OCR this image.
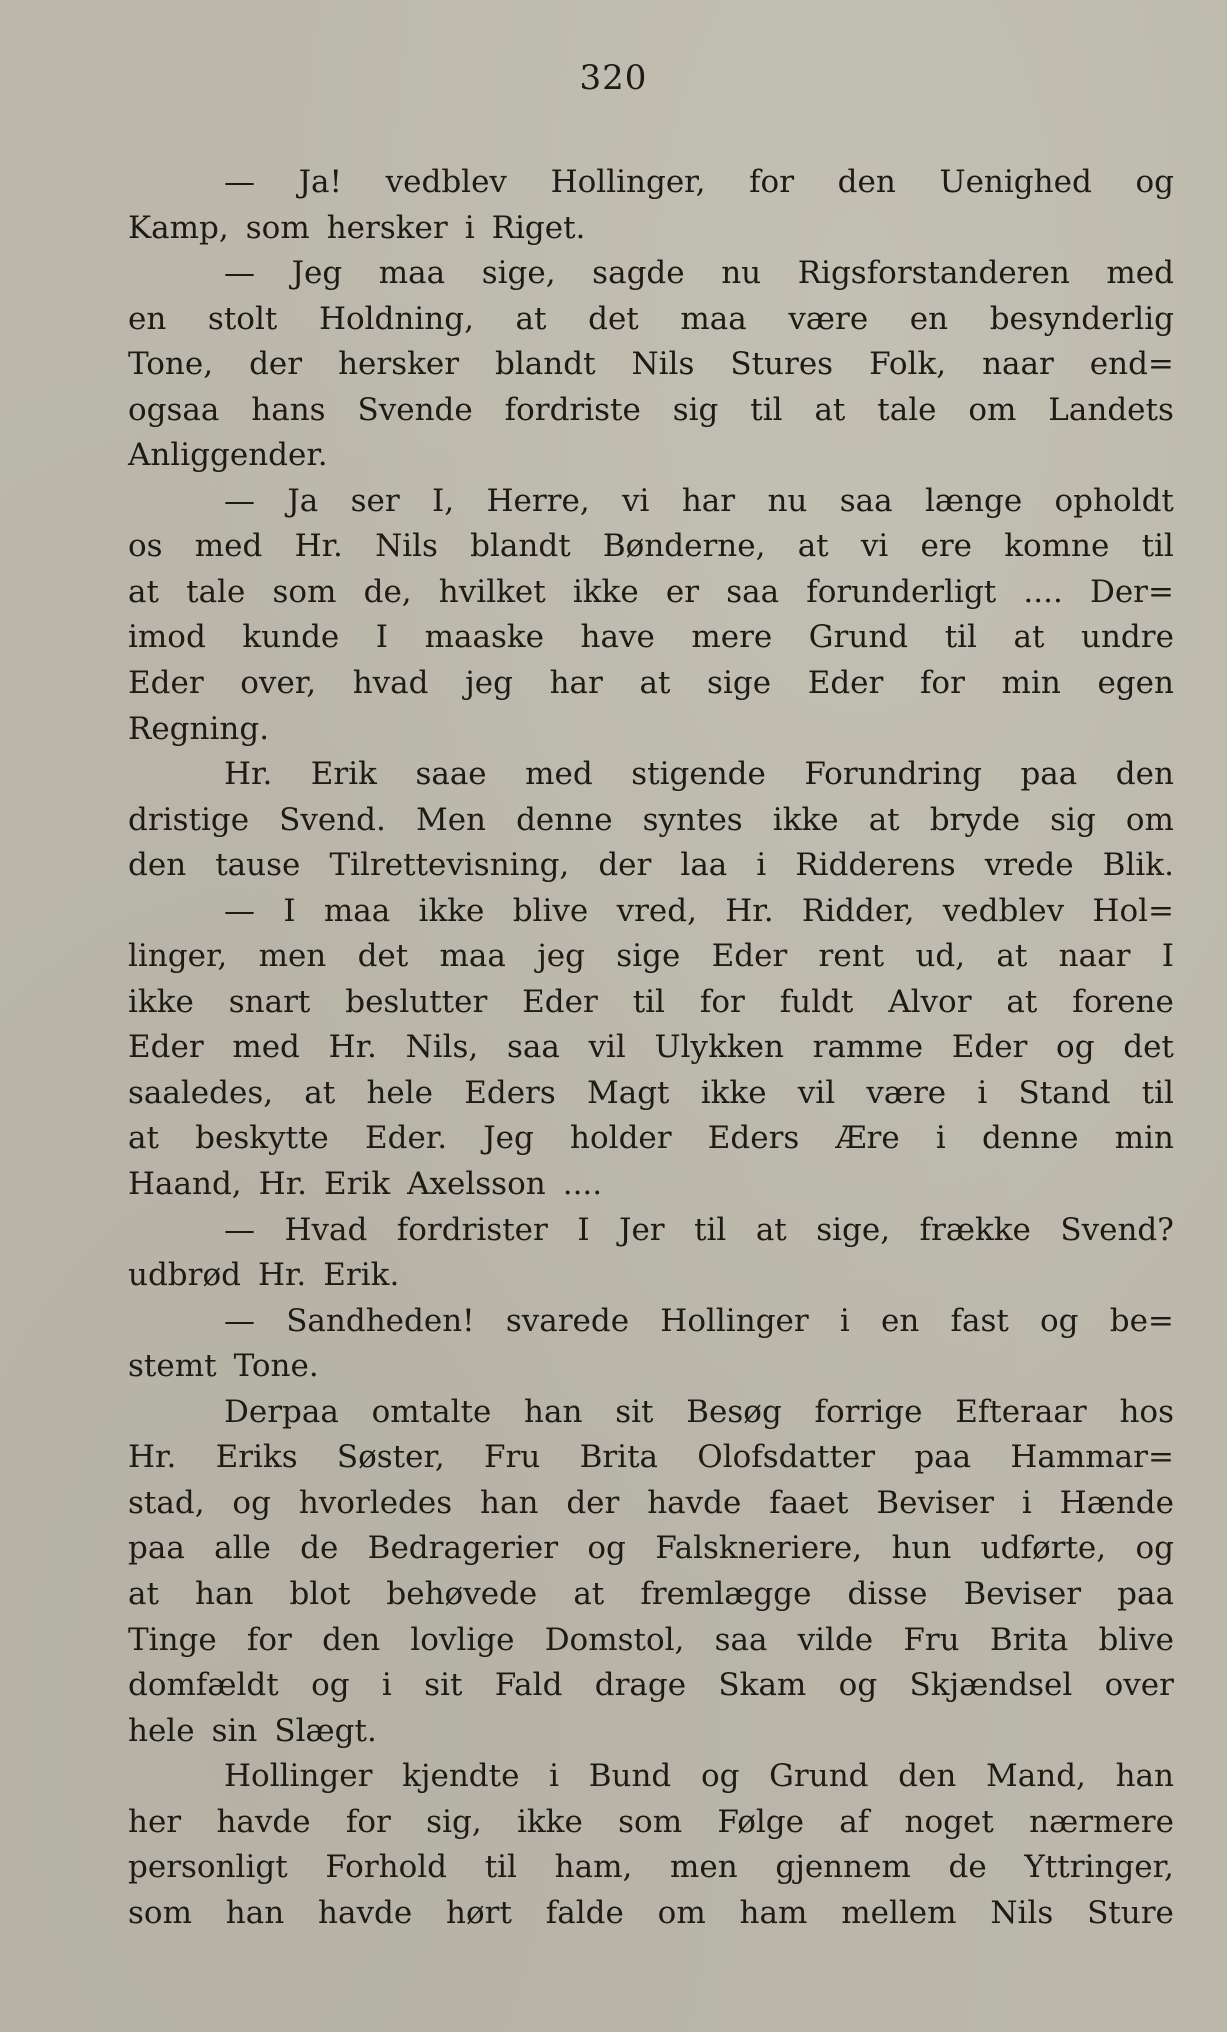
320
— Ja! vedblev Hollinger, for den Uenighed og
Kamp, som hersker i Riget.
— Jeg maa sige, sagde nu Rigsforstanderen med
en stolt Holdning, at det maa være en besynderlig
Tone, der hersker blandt Nils Stures Folk, naar end=
ogsaa hans Svende fordriste sig til at tale om Landets
Anliggender.
— Ja ser I, Herre, vi har nu saa længe opholdt
os med Hr. Nils blandt Bønderne, at vi ere komne til
at tale som de, hvilket ikke er saa forunderligt .... Der=
imod kunde I maaske have mere Grund til at undre
Eder over, hvad jeg har at sige Eder for min egen
Regning.
Hr. Erik saae med stigende Forundring paa den
dristige Svend. Men denne syntes ikke at bryde sig om
den tause Tilrettevisning, der laa i Ridderens vrede Blik.
— I maa ikke blive vred, Hr. Ridder, vedblev Hol=
linger, men det maa jeg sige Eder rent ud, at naar I
ikke snart beslutter Eder til for fuldt Alvor at forene
Eder med Hr. Nils, saa vil Ulykken ramme Eder og det
saaledes, at hele Eders Magt ikke vil være i Stand til
at beskytte Eder. Jeg holder Eders Ære i denne min
Haand, Hr. Erik Axelsson ....
— Hvad fordrister I Jer til at sige, frække Svend?
udbrød Hr. Erik.
— Sandheden! svarede Hollinger i en fast og be=
stemt Tone.
Derpaa omtalte han sit Besøg forrige Efteraar hos
Hr. Eriks Søster, Fru Brita Olofsdatter paa Hammar=
stad, og hvorledes han der havde faaet Beviser i Hænde
paa alle de Bedragerier og Falskneriere, hun udførte, og
at han blot behøvede at fremlægge disse Beviser paa
Tinge for den lovlige Domstol, saa vilde Fru Brita blive
domfældt og i sit Fald drage Skam og Skjændsel over
hele sin Slægt.
Hollinger kjendte i Bund og Grund den Mand, han
her havde for sig, ikke som Følge af noget nærmere
personligt Forhold til ham, men gjennem de Yttringer,
som han havde hørt falde om ham mellem Nils Sture
